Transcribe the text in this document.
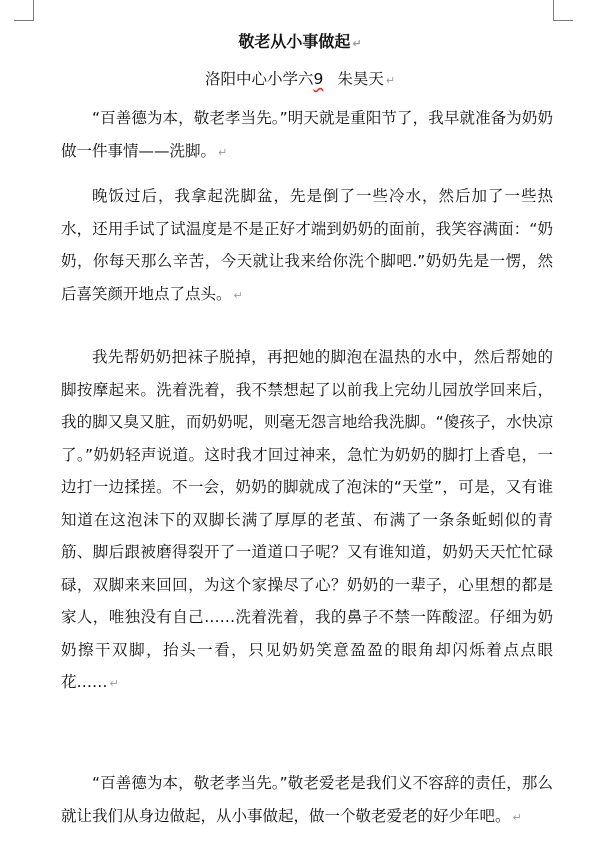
敬老从小事做起 ↵
洛阳中心小学六9 朱昊天 ↵

“百善德为本，敬老孝当先。”明天就是重阳节了，我早就准备为奶奶做一件事情——洗脚。 ↵

晚饭过后，我拿起洗脚盆，先是倒了一些冷水，然后加了一些热水，还用手试了试温度是不是正好才端到奶奶的面前，我笑容满面：“奶奶，你每天那么辛苦，今天就让我来给你洗个脚吧.”奶奶先是一愣，然后喜笑颜开地点了点头。 ↵

我先帮奶奶把袜子脱掉，再把她的脚泡在温热的水中，然后帮她的脚按摩起来。洗着洗着，我不禁想起了以前我上完幼儿园放学回来后，我的脚又臭又脏，而奶奶呢，则毫无怨言地给我洗脚。“傻孩子，水快凉了。”奶奶轻声说道。这时我才回过神来，急忙为奶奶的脚打上香皂，一边打一边揉搓。不一会，奶奶的脚就成了泡沫的“天堂”，可是，又有谁知道在这泡沫下的双脚长满了厚厚的老茧、布满了一条条蚯蚓似的青筋、脚后跟被磨得裂开了一道道口子呢？又有谁知道，奶奶天天忙忙碌碌，双脚来来回回，为这个家操尽了心？奶奶的一辈子，心里想的都是家人，唯独没有自己……洗着洗着，我的鼻子不禁一阵酸涩。仔细为奶奶擦干双脚，抬头一看，只见奶奶笑意盈盈的眼角却闪烁着点点眼花…… ↵

“百善德为本，敬老孝当先。”敬老爱老是我们义不容辞的责任，那么就让我们从身边做起，从小事做起，做一个敬老爱老的好少年吧。 ↵
